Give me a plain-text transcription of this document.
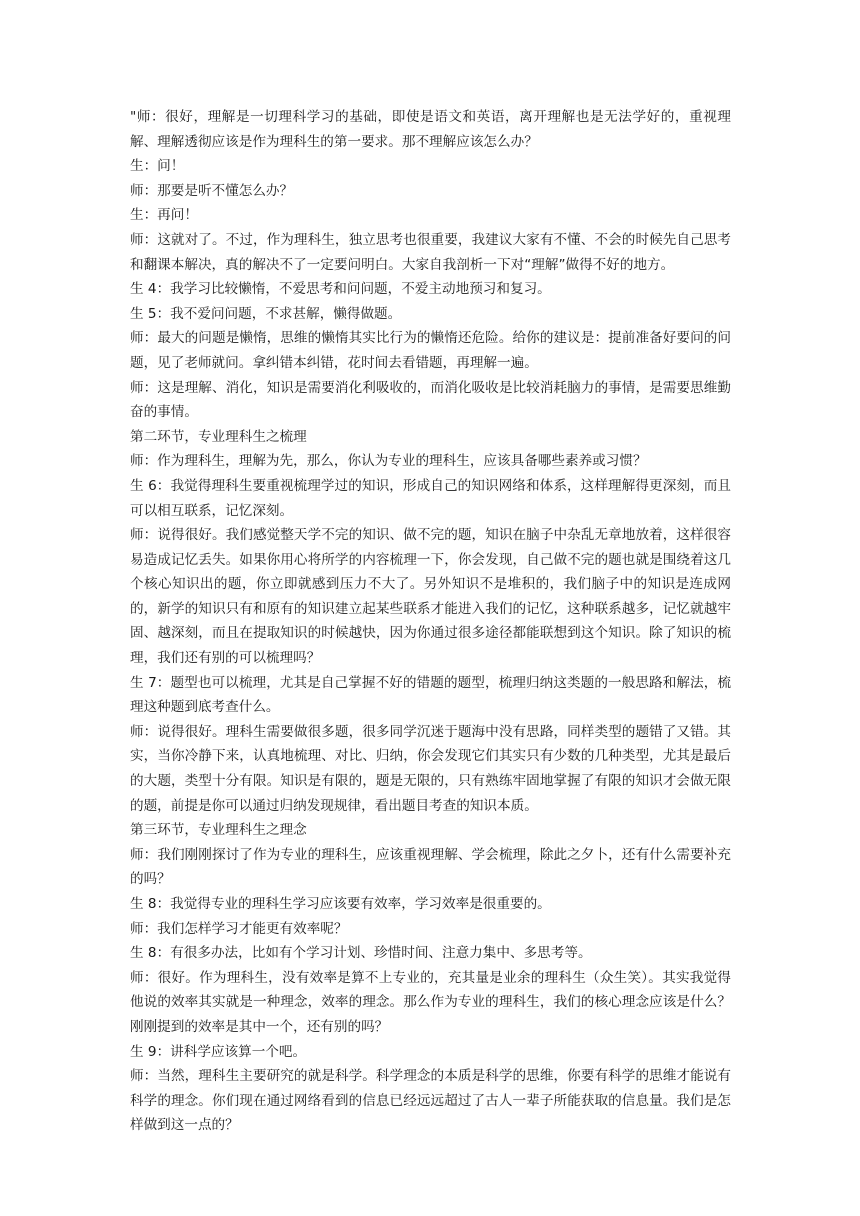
"师：很好，理解是一切理科学习的基础，即使是语文和英语，离开理解也是无法学好的，重视理解、理解透彻应该是作为理科生的第一要求。那不理解应该怎么办？

生：问！

师：那要是听不懂怎么办？

生：再问！

师：这就对了。不过，作为理科生，独立思考也很重要，我建议大家有不懂、不会的时候先自己思考和翻课本解决，真的解决不了一定要问明白。大家自我剖析一下对“理解”做得不好的地方。

生 4：我学习比较懒惰，不爱思考和问问题，不爱主动地预习和复习。

生 5：我不爱问问题，不求甚解，懒得做题。

师：最大的问题是懒惰，思维的懒惰其实比行为的懒惰还危险。给你的建议是：提前准备好要问的问题，见了老师就问。拿纠错本纠错，花时间去看错题，再理解一遍。

师：这是理解、消化，知识是需要消化利吸收的，而消化吸收是比较消耗脑力的事情，是需要思维勤奋的事情。

第二环节，专业理科生之梳理

师：作为理科生，理解为先，那么，你认为专业的理科生，应该具备哪些素养或习惯？

生 6：我觉得理科生要重视梳理学过的知识，形成自己的知识网络和体系，这样理解得更深刻，而且可以相互联系，记忆深刻。

师：说得很好。我们感觉整天学不完的知识、做不完的题，知识在脑子中杂乱无章地放着，这样很容易造成记忆丢失。如果你用心将所学的内容梳理一下，你会发现，自己做不完的题也就是围绕着这几个核心知识出的题，你立即就感到压力不大了。另外知识不是堆积的，我们脑子中的知识是连成网的，新学的知识只有和原有的知识建立起某些联系才能进入我们的记忆，这种联系越多，记忆就越牢固、越深刻，而且在提取知识的时候越快，因为你通过很多途径都能联想到这个知识。除了知识的梳理，我们还有别的可以梳理吗？

生 7：题型也可以梳理，尤其是自己掌握不好的错题的题型，梳理归纳这类题的一般思路和解法，梳理这种题到底考查什么。

师：说得很好。理科生需要做很多题，很多同学沉迷于题海中没有思路，同样类型的题错了又错。其实，当你冷静下来，认真地梳理、对比、归纳，你会发现它们其实只有少数的几种类型，尤其是最后的大题，类型十分有限。知识是有限的，题是无限的，只有熟练牢固地掌握了有限的知识才会做无限的题，前提是你可以通过归纳发现规律，看出题目考查的知识本质。

第三环节，专业理科生之理念

师：我们刚刚探讨了作为专业的理科生，应该重视理解、学会梳理，除此之夕卜，还有什么需要补充的吗？

生 8：我觉得专业的理科生学习应该要有效率，学习效率是很重要的。

师：我们怎样学习才能更有效率呢？

生 8：有很多办法，比如有个学习计划、珍惜时间、注意力集中、多思考等。

师：很好。作为理科生，没有效率是算不上专业的，充其量是业余的理科生（众生笑）。其实我觉得他说的效率其实就是一种理念，效率的理念。那么作为专业的理科生，我们的核心理念应该是什么？刚刚提到的效率是其中一个，还有别的吗？

生 9：讲科学应该算一个吧。

师：当然，理科生主要研究的就是科学。科学理念的本质是科学的思维，你要有科学的思维才能说有科学的理念。你们现在通过网络看到的信息已经远远超过了古人一辈子所能获取的信息量。我们是怎样做到这一点的？
